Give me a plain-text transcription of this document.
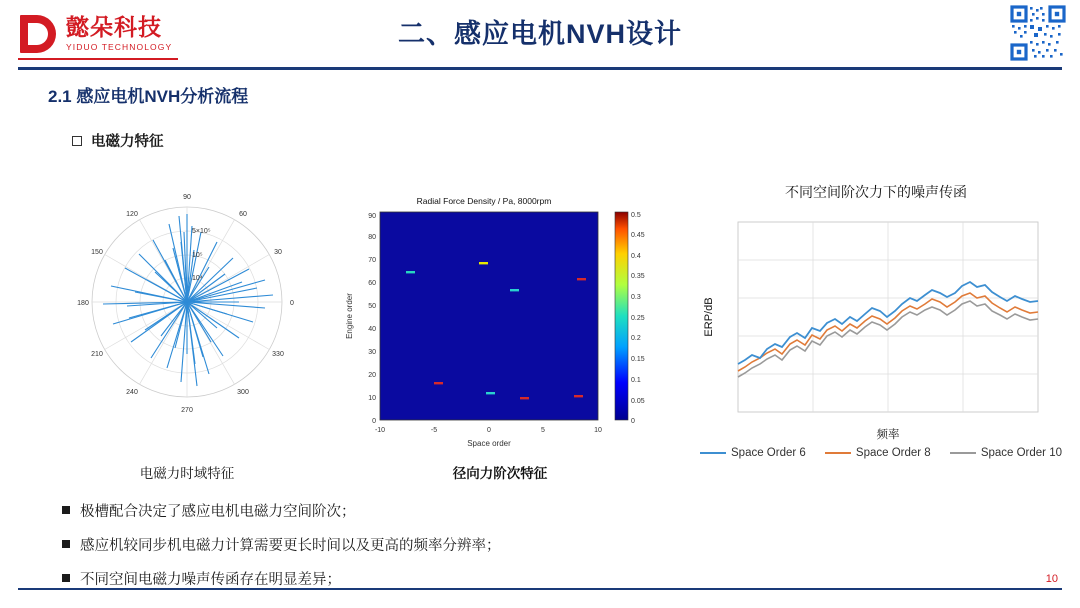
懿朵科技
YIDUO TECHNOLOGY	二、感应电机NVH设计
2.1 感应电机NVH分析流程
电磁力特征
90
120
150
180
210
240
270
300
330
0
30
60
10⁴
10⁵
5×10⁵
电磁力时域特征
Radial Force Density / Pa, 8000rpm
-10	-5	0	5	10
0
10
20
30
40
50
60
70
80
90
Space order
Engine order
0
0.05
0.1
0.15
0.2
0.25
0.3
0.35
0.4
0.45
0.5
径向力阶次特征
不同空间阶次力下的噪声传函
频率
ERP/dB
Space Order 6	Space Order 8	Space Order 10
极槽配合决定了感应电机电磁力空间阶次；
感应机较同步机电磁力计算需要更长时间以及更高的频率分辨率；
不同空间电磁力噪声传函存在明显差异；	10
